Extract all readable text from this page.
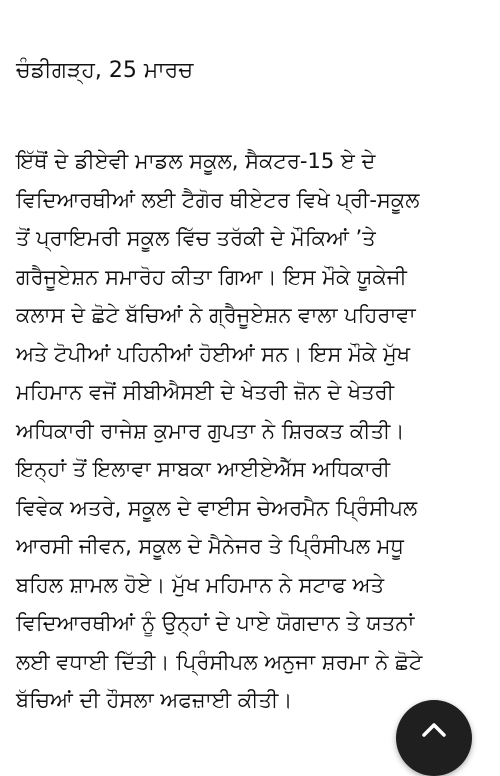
ਚੰਡੀਗੜ੍ਹ, 25 ਮਾਰਚ
ਇੱਥੋਂ ਦੇ ਡੀਏਵੀ ਮਾਡਲ ਸਕੂਲ, ਸੈਕਟਰ-15 ਏ ਦੇ
ਵਿਦਿਆਰਥੀਆਂ ਲਈ ਟੈਗੋਰ ਥੀਏਟਰ ਵਿਖੇ ਪ੍ਰੀ-ਸਕੂਲ
ਤੋਂ ਪ੍ਰਾਇਮਰੀ ਸਕੂਲ ਵਿੱਚ ਤਰੱਕੀ ਦੇ ਮੌਕਿਆਂ ’ਤੇ
ਗਰੈਜੂਏਸ਼ਨ ਸਮਾਰੋਹ ਕੀਤਾ ਗਿਆ। ਇਸ ਮੌਕੇ ਯੂਕੇਜੀ
ਕਲਾਸ ਦੇ ਛੋਟੇ ਬੱਚਿਆਂ ਨੇ ਗ੍ਰੈਜੂਏਸ਼ਨ ਵਾਲਾ ਪਹਿਰਾਵਾ
ਅਤੇ ਟੋਪੀਆਂ ਪਹਿਨੀਆਂ ਹੋਈਆਂ ਸਨ। ਇਸ ਮੌਕੇ ਮੁੱਖ
ਮਹਿਮਾਨ ਵਜੋਂ ਸੀਬੀਐਸਈ ਦੇ ਖੇਤਰੀ ਜ਼ੋਨ ਦੇ ਖੇਤਰੀ
ਅਧਿਕਾਰੀ ਰਾਜੇਸ਼ ਕੁਮਾਰ ਗੁਪਤਾ ਨੇ ਸ਼ਿਰਕਤ ਕੀਤੀ।
ਇਨ੍ਹਾਂ ਤੋਂ ਇਲਾਵਾ ਸਾਬਕਾ ਆਈਏਐੱਸ ਅਧਿਕਾਰੀ
ਵਿਵੇਕ ਅਤਰੇ, ਸਕੂਲ ਦੇ ਵਾਈਸ ਚੇਅਰਮੈਨ ਪ੍ਰਿੰਸੀਪਲ
ਆਰਸੀ ਜੀਵਨ, ਸਕੂਲ ਦੇ ਮੈਨੇਜਰ ਤੇ ਪ੍ਰਿੰਸੀਪਲ ਮਧੂ
ਬਹਿਲ ਸ਼ਾਮਲ ਹੋਏ। ਮੁੱਖ ਮਹਿਮਾਨ ਨੇ ਸਟਾਫ ਅਤੇ
ਵਿਦਿਆਰਥੀਆਂ ਨੂੰ ਉਨ੍ਹਾਂ ਦੇ ਪਾਏ ਯੋਗਦਾਨ ਤੇ ਯਤਨਾਂ
ਲਈ ਵਧਾਈ ਦਿੱਤੀ। ਪ੍ਰਿੰਸੀਪਲ ਅਨੁਜਾ ਸ਼ਰਮਾ ਨੇ ਛੋਟੇ
ਬੱਚਿਆਂ ਦੀ ਹੌਸਲਾ ਅਫਜ਼ਾਈ ਕੀਤੀ।
